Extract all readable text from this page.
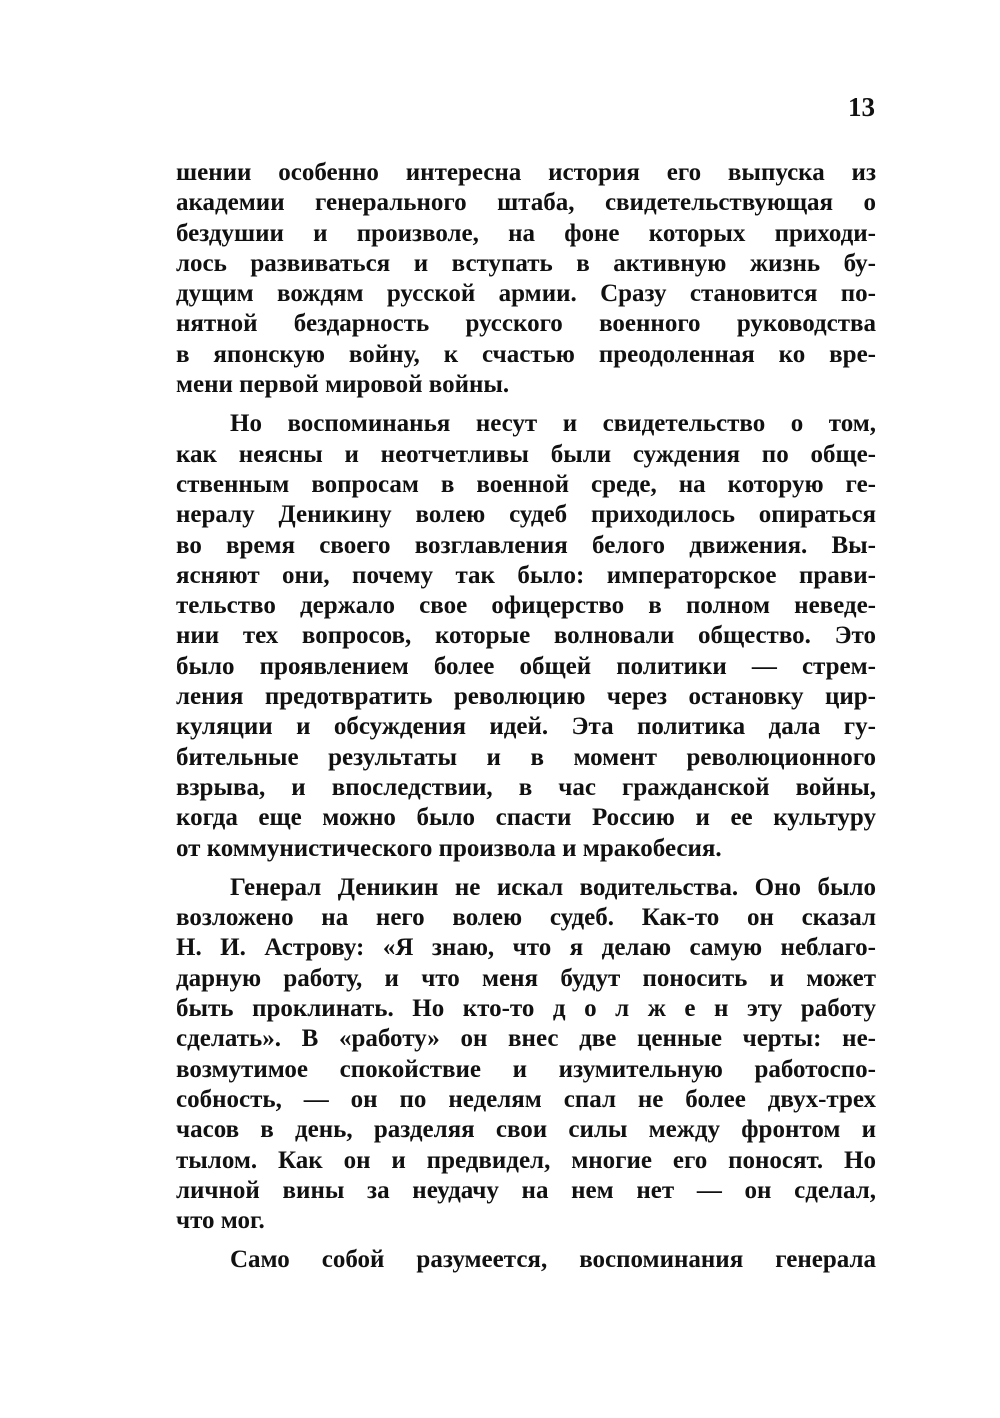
13
шении особенно интересна история его выпуска из
академии генерального штаба, свидетельствующая о
бездушии и произволе, на фоне которых приходи-
лось развиваться и вступать в активную жизнь бу-
дущим вождям русской армии. Сразу становится по-
нятной бездарность русского военного руководства
в японскую войну, к счастью преодоленная ко вре-
мени первой мировой войны.
Но воспоминанья несут и свидетельство о том,
как неясны и неотчетливы были суждения по обще-
ственным вопросам в военной среде, на которую ге-
нералу Деникину волею судеб приходилось опираться
во время своего возглавления белого движения. Вы-
ясняют они, почему так было: императорское прави-
тельство держало свое офицерство в полном неведе-
нии тех вопросов, которые волновали общество. Это
было проявлением более общей политики — стрем-
ления предотвратить революцию через остановку цир-
куляции и обсуждения идей. Эта политика дала гу-
бительные результаты и в момент революционного
взрыва, и впоследствии, в час гражданской войны,
когда еще можно было спасти Россию и ее культуру
от коммунистического произвола и мракобесия.
Генерал Деникин не искал водительства. Оно было
возложено на него волею судеб. Как-то он сказал
Н. И. Астрову: «Я знаю, что я делаю самую неблаго-
дарную работу, и что меня будут поносить и может
быть проклинать. Но кто-то д о л ж е н эту работу
сделать». В «работу» он внес две ценные черты: не-
возмутимое спокойствие и изумительную работоспо-
собность, — он по неделям спал не более двух-трех
часов в день, разделяя свои силы между фронтом и
тылом. Как он и предвидел, многие его поносят. Но
личной вины за неудачу на нем нет — он сделал,
что мог.
Само собой разумеется, воспоминания генерала
